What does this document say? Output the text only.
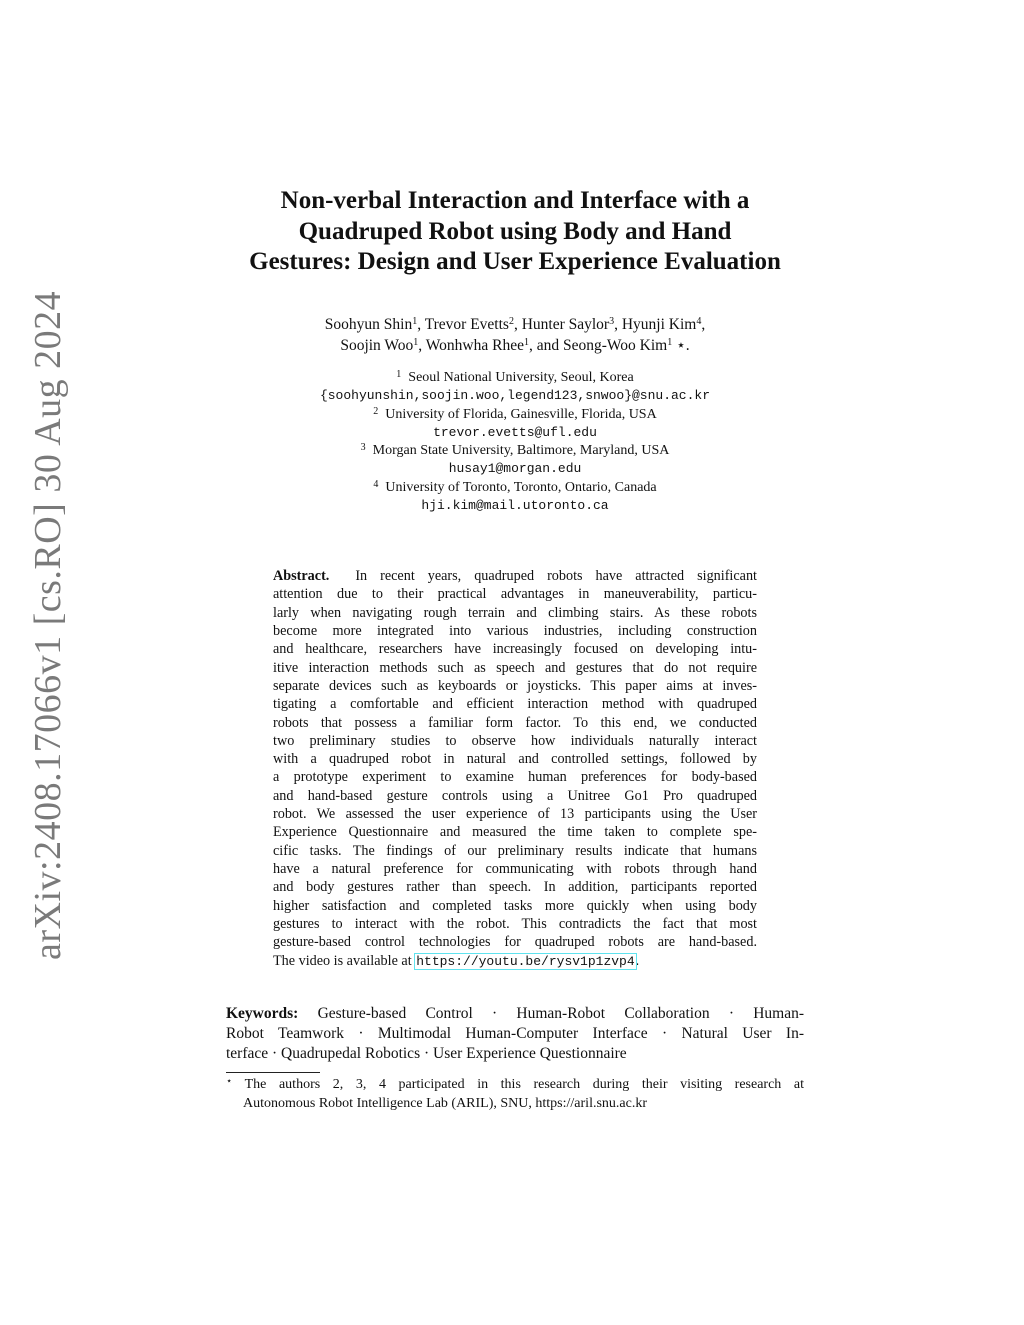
arXiv:2408.17066v1 [cs.RO] 30 Aug 2024
Non-verbal Interaction and Interface with a
Quadruped Robot using Body and Hand
Gestures: Design and User Experience Evaluation
Soohyun Shin$^1$, Trevor Evetts$^2$, Hunter Saylor$^3$, Hyunji Kim$^4$,
Soojin Woo$^1$, Wonhwha Rhee$^1$, and Seong-Woo Kim$^1$ ⋆.
$^1$ Seoul National University, Seoul, Korea
{soohyunshin,soojin.woo,legend123,snwoo}@snu.ac.kr
$^2$ University of Florida, Gainesville, Florida, USA
trevor.evetts@ufl.edu
$^3$ Morgan State University, Baltimore, Maryland, USA
husay1@morgan.edu
$^4$ University of Toronto, Toronto, Ontario, Canada
hji.kim@mail.utoronto.ca
Abstract. In recent years, quadruped robots have attracted significant
attention due to their practical advantages in maneuverability, particu-
larly when navigating rough terrain and climbing stairs. As these robots
become more integrated into various industries, including construction
and healthcare, researchers have increasingly focused on developing intu-
itive interaction methods such as speech and gestures that do not require
separate devices such as keyboards or joysticks. This paper aims at inves-
tigating a comfortable and efficient interaction method with quadruped
robots that possess a familiar form factor. To this end, we conducted
two preliminary studies to observe how individuals naturally interact
with a quadruped robot in natural and controlled settings, followed by
a prototype experiment to examine human preferences for body-based
and hand-based gesture controls using a Unitree Go1 Pro quadruped
robot. We assessed the user experience of 13 participants using the User
Experience Questionnaire and measured the time taken to complete spe-
cific tasks. The findings of our preliminary results indicate that humans
have a natural preference for communicating with robots through hand
and body gestures rather than speech. In addition, participants reported
higher satisfaction and completed tasks more quickly when using body
gestures to interact with the robot. This contradicts the fact that most
gesture-based control technologies for quadruped robots are hand-based.
The video is available at https://youtu.be/rysv1p1zvp4.
Keywords: Gesture-based Control · Human-Robot Collaboration · Human-
Robot Teamwork · Multimodal Human-Computer Interface · Natural User In-
terface · Quadrupedal Robotics · User Experience Questionnaire
⋆ The authors 2, 3, 4 participated in this research during their visiting research at
Autonomous Robot Intelligence Lab (ARIL), SNU, https://aril.snu.ac.kr
